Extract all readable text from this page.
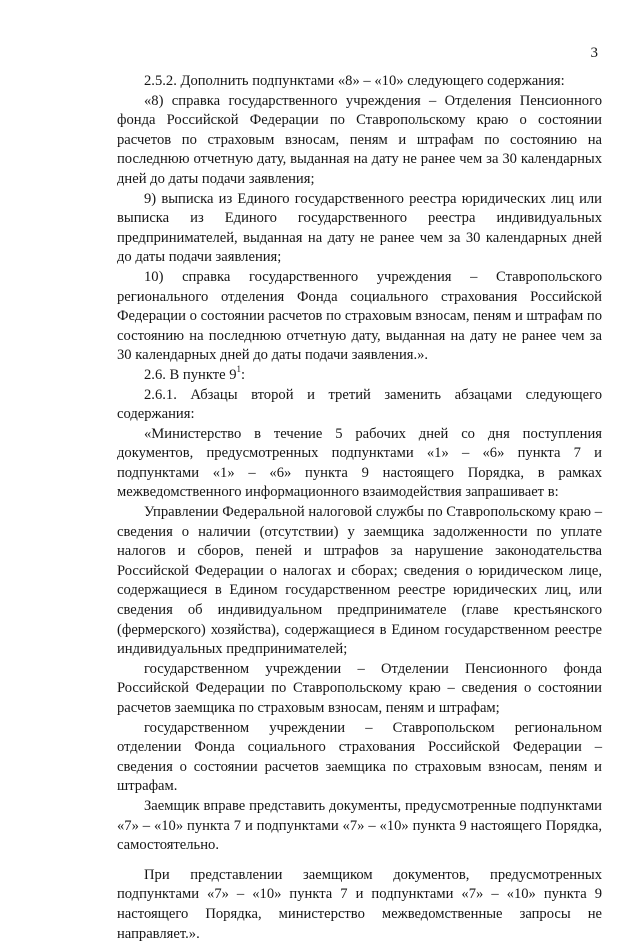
3

2.5.2. Дополнить подпунктами «8» – «10» следующего содержания:

«8) справка государственного учреждения – Отделения Пенсионного фонда Российской Федерации по Ставропольскому краю о состоянии расчетов по страховым взносам, пеням и штрафам по состоянию на последнюю отчетную дату, выданная на дату не ранее чем за 30 календарных дней до даты подачи заявления;

9) выписка из Единого государственного реестра юридических лиц или выписка из Единого государственного реестра индивидуальных предпринимателей, выданная на дату не ранее чем за 30 календарных дней до даты подачи заявления;

10) справка государственного учреждения – Ставропольского регионального отделения Фонда социального страхования Российской Федерации о состоянии расчетов по страховым взносам, пеням и штрафам по состоянию на последнюю отчетную дату, выданная на дату не ранее чем за 30 календарных дней до даты подачи заявления.».

2.6. В пункте $9^1$:

2.6.1. Абзацы второй и третий заменить абзацами следующего содержания:

«Министерство в течение 5 рабочих дней со дня поступления документов, предусмотренных подпунктами «1» – «6» пункта 7 и подпунктами «1» – «6» пункта 9 настоящего Порядка, в рамках межведомственного информационного взаимодействия запрашивает в:

Управлении Федеральной налоговой службы по Ставропольскому краю – сведения о наличии (отсутствии) у заемщика задолженности по уплате налогов и сборов, пеней и штрафов за нарушение законодательства Российской Федерации о налогах и сборах; сведения о юридическом лице, содержащиеся в Едином государственном реестре юридических лиц, или сведения об индивидуальном предпринимателе (главе крестьянского (фермерского) хозяйства), содержащиеся в Едином государственном реестре индивидуальных предпринимателей;

государственном учреждении – Отделении Пенсионного фонда Российской Федерации по Ставропольскому краю – сведения о состоянии расчетов заемщика по страховым взносам, пеням и штрафам;

государственном учреждении – Ставропольском региональном отделении Фонда социального страхования Российской Федерации – сведения о состоянии расчетов заемщика по страховым взносам, пеням и штрафам.

Заемщик вправе представить документы, предусмотренные подпунктами «7» – «10» пункта 7 и подпунктами «7» – «10» пункта 9 настоящего Порядка, самостоятельно.

При представлении заемщиком документов, предусмотренных подпунктами «7» – «10» пункта 7 и подпунктами «7» – «10» пункта 9 настоящего Порядка, министерство межведомственные запросы не направляет.».
